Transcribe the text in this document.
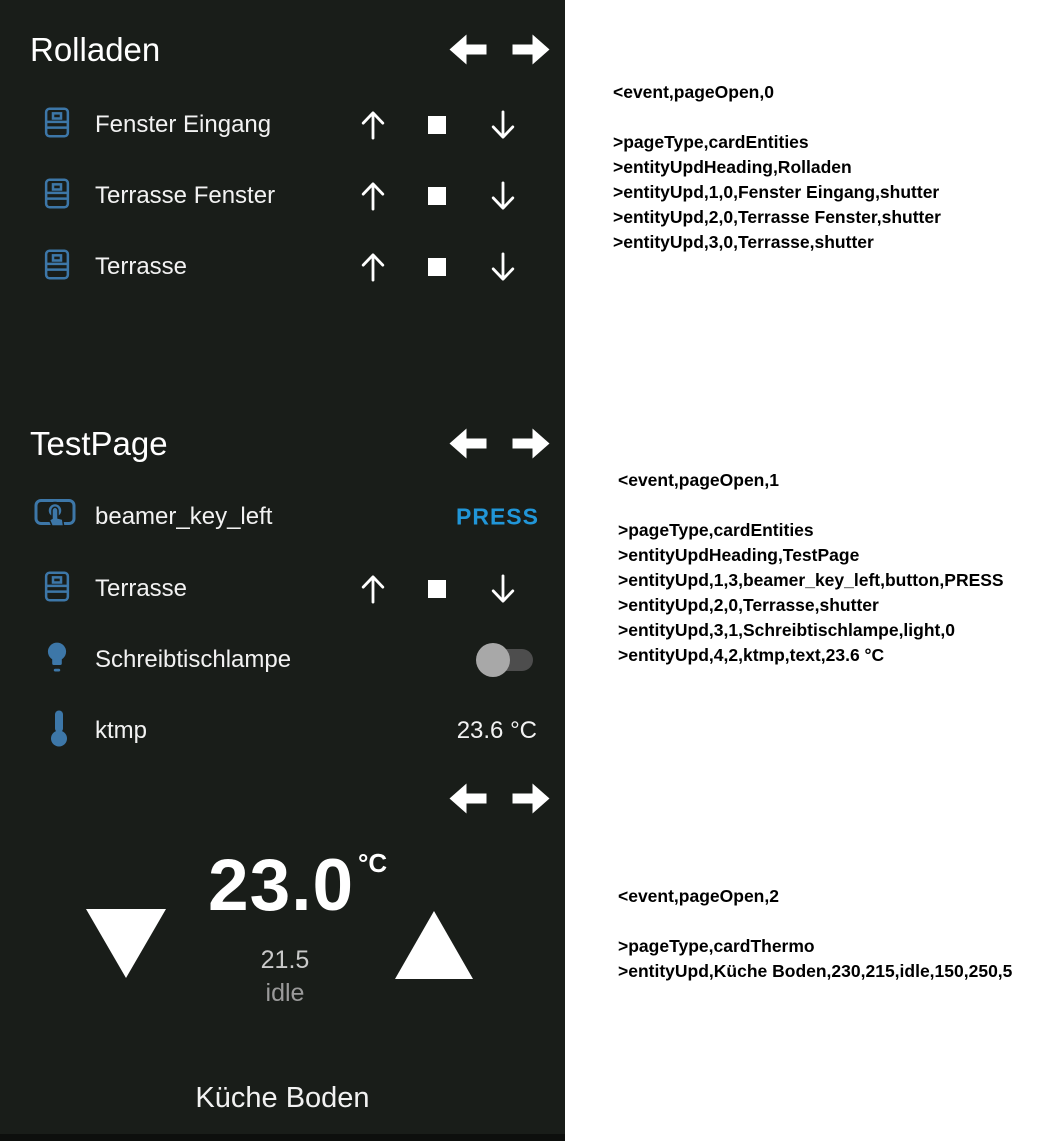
Rolladen
Fenster Eingang
Terrasse Fenster
Terrasse
TestPage
beamer_key_left	PRESS
Terrasse
Schreibtischlampe
ktmp	23.6 °C
23.0 °C
21.5
idle
Küche Boden
<event,pageOpen,0

>pageType,cardEntities
>entityUpdHeading,Rolladen
>entityUpd,1,0,Fenster Eingang,shutter
>entityUpd,2,0,Terrasse Fenster,shutter
>entityUpd,3,0,Terrasse,shutter
<event,pageOpen,1

>pageType,cardEntities
>entityUpdHeading,TestPage
>entityUpd,1,3,beamer_key_left,button,PRESS
>entityUpd,2,0,Terrasse,shutter
>entityUpd,3,1,Schreibtischlampe,light,0
>entityUpd,4,2,ktmp,text,23.6 °C
<event,pageOpen,2

>pageType,cardThermo
>entityUpd,Küche Boden,230,215,idle,150,250,5
